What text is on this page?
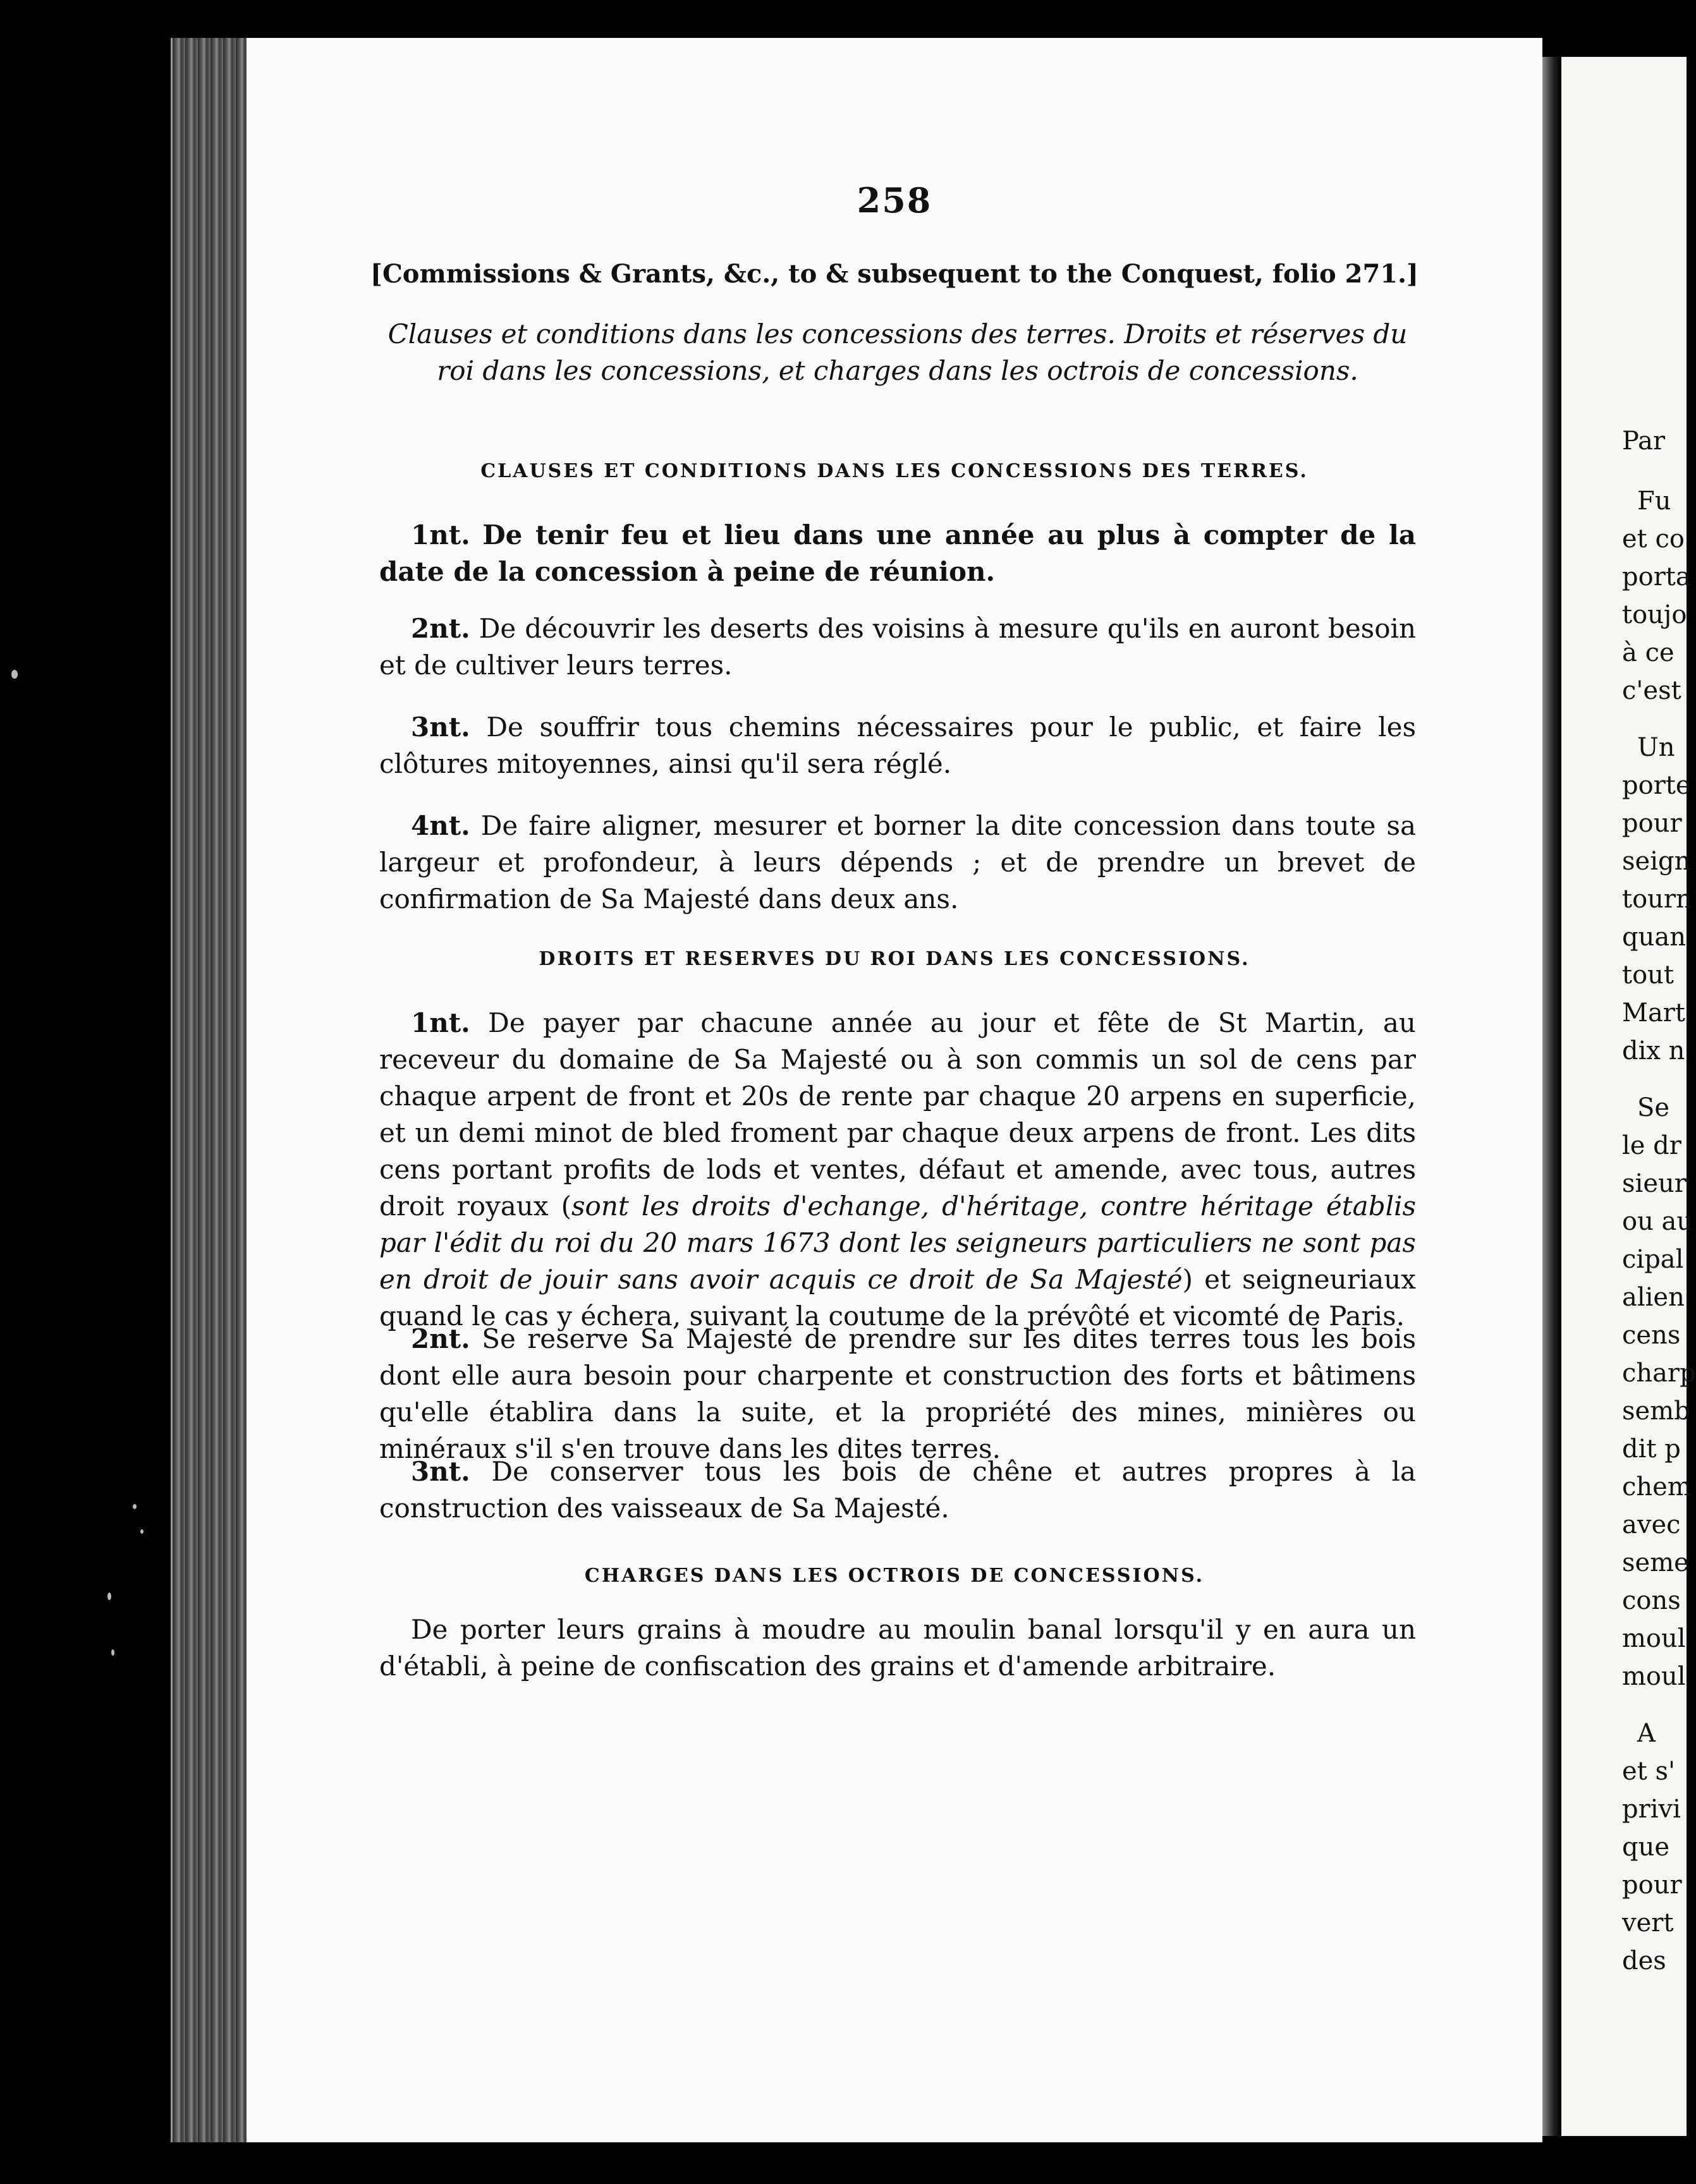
258
[Commissions & Grants, &c., to & subsequent to the Conquest, folio 271.]
Clauses et conditions dans les concessions des terres. Droits et réserves du roi dans les concessions, et charges dans les octrois de concessions.
CLAUSES ET CONDITIONS DANS LES CONCESSIONS DES TERRES.
1nt. De tenir feu et lieu dans une année au plus à compter de la date de la concession à peine de réunion.
2nt. De découvrir les deserts des voisins à mesure qu'ils en auront besoin et de cultiver leurs terres.
3nt. De souffrir tous chemins nécessaires pour le public, et faire les clôtures mitoyennes, ainsi qu'il sera réglé.
4nt. De faire aligner, mesurer et borner la dite concession dans toute sa largeur et profondeur, à leurs dépends ; et de prendre un brevet de confirmation de Sa Majesté dans deux ans.
DROITS ET RESERVES DU ROI DANS LES CONCESSIONS.
1nt. De payer par chacune année au jour et fête de St Martin, au receveur du domaine de Sa Majesté ou à son commis un sol de cens par chaque arpent de front et 20s de rente par chaque 20 arpens en superficie, et un demi minot de bled froment par chaque deux arpens de front. Les dits cens portant profits de lods et ventes, défaut et amende, avec tous, autres droit royaux (sont les droits d'echange, d'héritage, contre héritage établis par l'édit du roi du 20 mars 1673 dont les seigneurs particuliers ne sont pas en droit de jouir sans avoir acquis ce droit de Sa Majesté) et seigneuriaux quand le cas y échera, suivant la coutume de la prévôté et vicomté de Paris.
2nt. Se reserve Sa Majesté de prendre sur les dites terres tous les bois dont elle aura besoin pour charpente et construction des forts et bâtimens qu'elle établira dans la suite, et la propriété des mines, minières ou minéraux s'il s'en trouve dans les dites terres.
3nt. De conserver tous les bois de chêne et autres propres à la construction des vaisseaux de Sa Majesté.
CHARGES DANS LES OCTROIS DE CONCESSIONS.
De porter leurs grains à moudre au moulin banal lorsqu'il y en aura un d'établi, à peine de confiscation des grains et d'amende arbitraire.
Par
Fu
et co
porta
toujo
à ce
c'est
Un
porte
pour
seign
tourn
quan
tout
Mart
dix n
Se
le dr
sieur
ou au
cipal
alien
cens
charp
semb
dit p
chem
avec
seme
cons
moul
moul
A
et s'
privi
que
pour
vert
des
